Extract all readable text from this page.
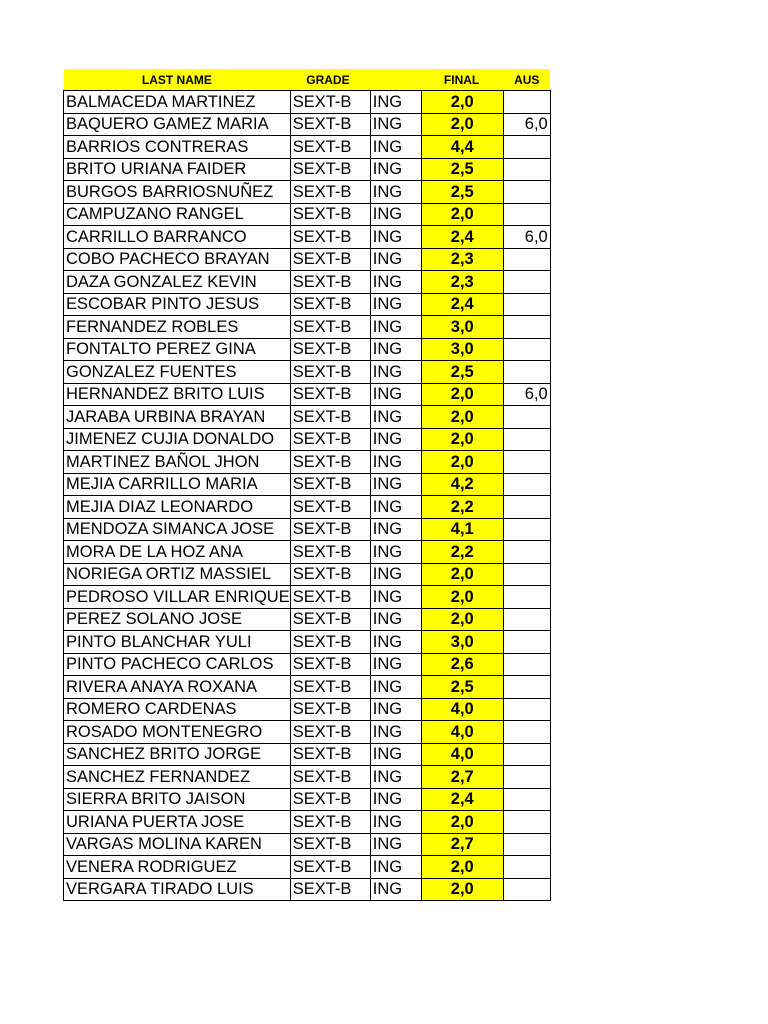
LAST NAME	GRADE		FINAL	AUS
BALMACEDA MARTINEZ	SEXT-B	ING	2,0	
BAQUERO GAMEZ MARIA	SEXT-B	ING	2,0	6,0
BARRIOS CONTRERAS	SEXT-B	ING	4,4	
BRITO URIANA FAIDER	SEXT-B	ING	2,5	
BURGOS BARRIOSNUÑEZ	SEXT-B	ING	2,5	
CAMPUZANO RANGEL	SEXT-B	ING	2,0	
CARRILLO BARRANCO	SEXT-B	ING	2,4	6,0
COBO PACHECO BRAYAN	SEXT-B	ING	2,3	
DAZA GONZALEZ KEVIN	SEXT-B	ING	2,3	
ESCOBAR PINTO JESUS	SEXT-B	ING	2,4	
FERNANDEZ ROBLES	SEXT-B	ING	3,0	
FONTALTO PEREZ GINA	SEXT-B	ING	3,0	
GONZALEZ FUENTES	SEXT-B	ING	2,5	
HERNANDEZ BRITO LUIS	SEXT-B	ING	2,0	6,0
JARABA URBINA BRAYAN	SEXT-B	ING	2,0	
JIMENEZ CUJIA DONALDO	SEXT-B	ING	2,0	
MARTINEZ BAÑOL JHON	SEXT-B	ING	2,0	
MEJIA CARRILLO MARIA	SEXT-B	ING	4,2	
MEJIA DIAZ LEONARDO	SEXT-B	ING	2,2	
MENDOZA SIMANCA JOSE	SEXT-B	ING	4,1	
MORA DE LA HOZ ANA	SEXT-B	ING	2,2	
NORIEGA ORTIZ MASSIEL	SEXT-B	ING	2,0	
PEDROSO VILLAR ENRIQUE	SEXT-B	ING	2,0	
PEREZ SOLANO JOSE	SEXT-B	ING	2,0	
PINTO BLANCHAR YULI	SEXT-B	ING	3,0	
PINTO PACHECO CARLOS	SEXT-B	ING	2,6	
RIVERA ANAYA ROXANA	SEXT-B	ING	2,5	
ROMERO CARDENAS	SEXT-B	ING	4,0	
ROSADO MONTENEGRO	SEXT-B	ING	4,0	
SANCHEZ BRITO JORGE	SEXT-B	ING	4,0	
SANCHEZ FERNANDEZ	SEXT-B	ING	2,7	
SIERRA BRITO JAISON	SEXT-B	ING	2,4	
URIANA PUERTA JOSE	SEXT-B	ING	2,0	
VARGAS MOLINA KAREN	SEXT-B	ING	2,7	
VENERA RODRIGUEZ	SEXT-B	ING	2,0	
VERGARA TIRADO LUIS	SEXT-B	ING	2,0	
